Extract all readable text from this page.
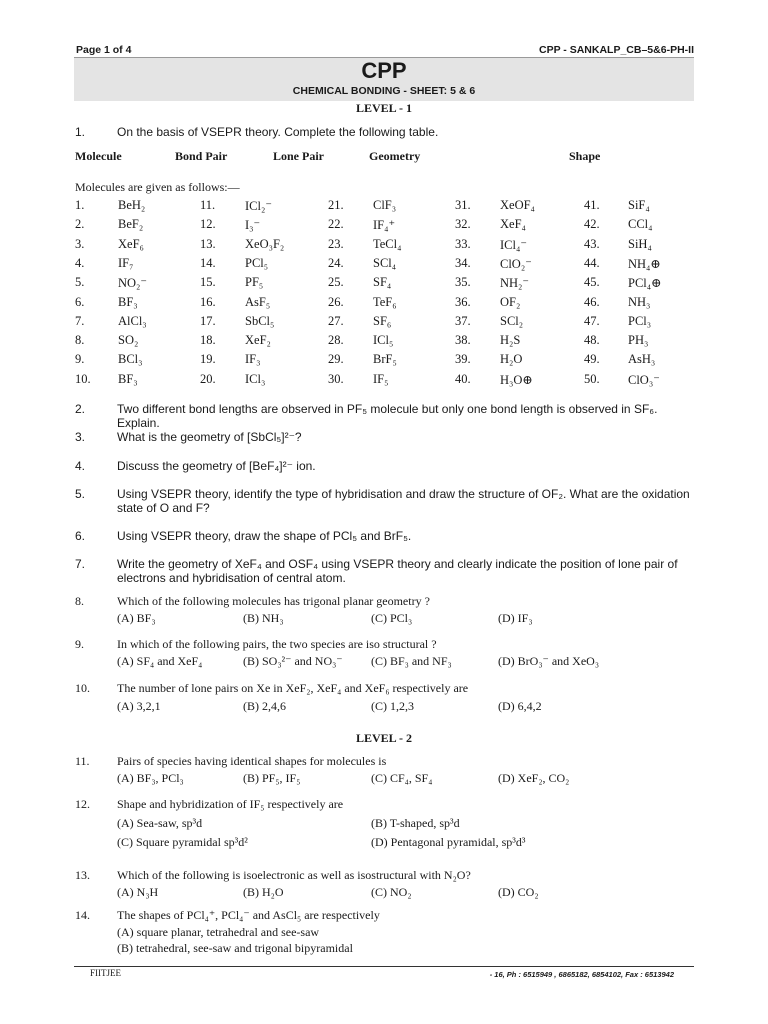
Page 1 of 4	CPP - SANKALP_CB–5&6-PH-II
CPP
CHEMICAL BONDING - SHEET: 5 & 6
LEVEL - 1
1.	On the basis of VSEPR theory. Complete the following table.
Molecule	Bond Pair	Lone Pair	Geometry	Shape
Molecules are given as follows:—
1.	BeH₂	11. ICl₂⁻	21. ClF₃	31. XeOF₄	41. SiF₄
2.	BeF₂	12. I₃⁻	22. IF₄⁺	32. XeF₄	42. CCl₄
3.	XeF₆	13. XeO₃F₂	23. TeCl₄	33. ICl₄⁻	43. SiH₄
4.	IF₇	14. PCl₅	24. SCl₄	34. ClO₂⁻	44. NH₄⊕
5.	NO₂⁻	15. PF₅	25. SF₄	35. NH₂⁻	45. PCl₄⊕
6.	BF₃	16. AsF₅	26. TeF₆	36. OF₂	46. NH₃
7.	AlCl₃	17. SbCl₅	27. SF₆	37. SCl₂	47. PCl₃
8.	SO₂	18. XeF₂	28. ICl₅	38. H₂S	48. PH₃
9.	BCl₃	19. IF₃	29. BrF₅	39. H₂O	49. AsH₃
10. BF₃	20. ICl₃	30. IF₅	40. H₃O⊕	50. ClO₃⁻
2.	Two different bond lengths are observed in PF₅ molecule but only one bond length is observed in SF₆. Explain.
3.	What is the geometry of [SbCl₅]²⁻?
4.	Discuss the geometry of [BeF₄]²⁻ ion.
5.	Using VSEPR theory, identify the type of hybridisation and draw the structure of OF₂. What are the oxidation state of O and F?
6.	Using VSEPR theory, draw the shape of PCl₅ and BrF₅.
7.	Write the geometry of XeF₄ and OSF₄ using VSEPR theory and clearly indicate the position of lone pair of electrons and hybridisation of central atom.
8.	Which of the following molecules has trigonal planar geometry ?
(A) BF₃	(B) NH₃	(C) PCl₃	(D) IF₃
9.	In which of the following pairs, the two species are iso structural ?
(A) SF₄ and XeF₄	(B) SO₃²⁻ and NO₃⁻ (C) BF₃ and NF₃	(D) BrO₃⁻ and XeO₃
10. The number of lone pairs on Xe in XeF₂, XeF₄ and XeF₆ respectively are
(A) 3,2,1	(B) 2,4,6	(C) 1,2,3	(D) 6,4,2
LEVEL - 2
11. Pairs of species having identical shapes for molecules is
(A) BF₃, PCl₃	(B) PF₅, IF₅	(C) CF₄, SF₄	(D) XeF₂, CO₂
12. Shape and hybridization of IF₅ respectively are
(A) Sea-saw, sp³d	(B) T-shaped, sp³d
(C) Square pyramidal sp³d²	(D) Pentagonal pyramidal, sp³d³
13. Which of the following is isoelectronic as well as isostructural with N₂O?
(A) N₃H	(B) H₂O	(C) NO₂	(D) CO₂
14. The shapes of PCl₄⁺, PCl₄⁻ and AsCl₅ are respectively
(A) square planar, tetrahedral and see-saw
(B) tetrahedral, see-saw and trigonal bipyramidal
FIITJEE	- 16, Ph : 6515949 , 6865182, 6854102, Fax : 6513942
